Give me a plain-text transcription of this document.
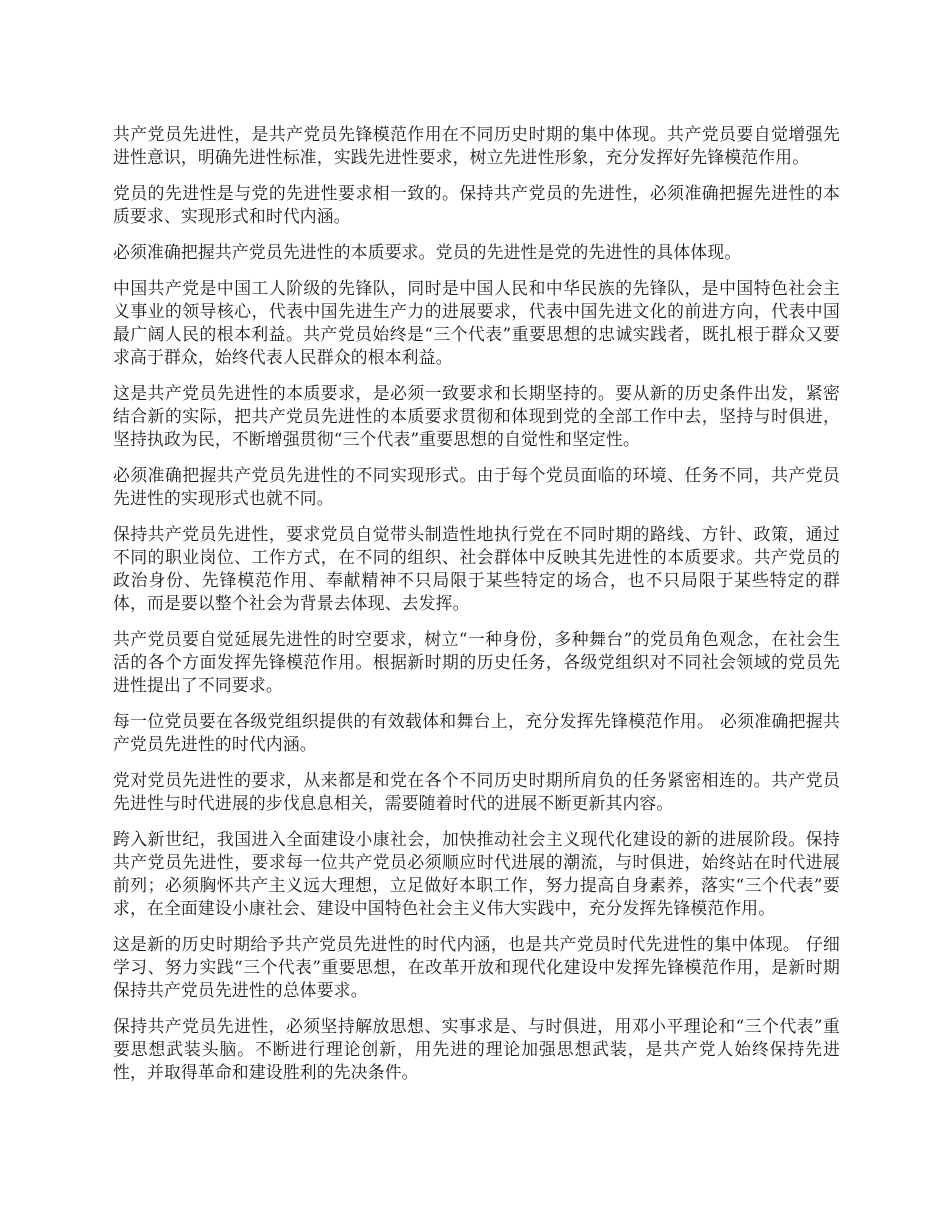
共产党员先进性，是共产党员先锋模范作用在不同历史时期的集中体现。共产党员要自觉增强先进性意识，明确先进性标准，实践先进性要求，树立先进性形象，充分发挥好先锋模范作用。

党员的先进性是与党的先进性要求相一致的。保持共产党员的先进性，必须准确把握先进性的本质要求、实现形式和时代内涵。

必须准确把握共产党员先进性的本质要求。党员的先进性是党的先进性的具体体现。

中国共产党是中国工人阶级的先锋队，同时是中国人民和中华民族的先锋队，是中国特色社会主义事业的领导核心，代表中国先进生产力的进展要求，代表中国先进文化的前进方向，代表中国最广阔人民的根本利益。共产党员始终是“三个代表”重要思想的忠诚实践者，既扎根于群众又要求高于群众，始终代表人民群众的根本利益。

这是共产党员先进性的本质要求，是必须一致要求和长期坚持的。要从新的历史条件出发，紧密结合新的实际，把共产党员先进性的本质要求贯彻和体现到党的全部工作中去，坚持与时俱进，坚持执政为民，不断增强贯彻“三个代表”重要思想的自觉性和坚定性。

必须准确把握共产党员先进性的不同实现形式。由于每个党员面临的环境、任务不同，共产党员先进性的实现形式也就不同。

保持共产党员先进性，要求党员自觉带头制造性地执行党在不同时期的路线、方针、政策，通过不同的职业岗位、工作方式，在不同的组织、社会群体中反映其先进性的本质要求。共产党员的政治身份、先锋模范作用、奉献精神不只局限于某些特定的场合，也不只局限于某些特定的群体，而是要以整个社会为背景去体现、去发挥。

共产党员要自觉延展先进性的时空要求，树立“一种身份，多种舞台”的党员角色观念，在社会生活的各个方面发挥先锋模范作用。根据新时期的历史任务，各级党组织对不同社会领域的党员先进性提出了不同要求。

每一位党员要在各级党组织提供的有效载体和舞台上，充分发挥先锋模范作用。 必须准确把握共产党员先进性的时代内涵。

党对党员先进性的要求，从来都是和党在各个不同历史时期所肩负的任务紧密相连的。共产党员先进性与时代进展的步伐息息相关，需要随着时代的进展不断更新其内容。

跨入新世纪，我国进入全面建设小康社会，加快推动社会主义现代化建设的新的进展阶段。保持共产党员先进性，要求每一位共产党员必须顺应时代进展的潮流，与时俱进，始终站在时代进展前列；必须胸怀共产主义远大理想，立足做好本职工作，努力提高自身素养，落实“三个代表”要求，在全面建设小康社会、建设中国特色社会主义伟大实践中，充分发挥先锋模范作用。

这是新的历史时期给予共产党员先进性的时代内涵，也是共产党员时代先进性的集中体现。 仔细学习、努力实践“三个代表”重要思想，在改革开放和现代化建设中发挥先锋模范作用，是新时期保持共产党员先进性的总体要求。

保持共产党员先进性，必须坚持解放思想、实事求是、与时俱进，用邓小平理论和“三个代表”重要思想武装头脑。不断进行理论创新，用先进的理论加强思想武装，是共产党人始终保持先进性，并取得革命和建设胜利的先决条件。
